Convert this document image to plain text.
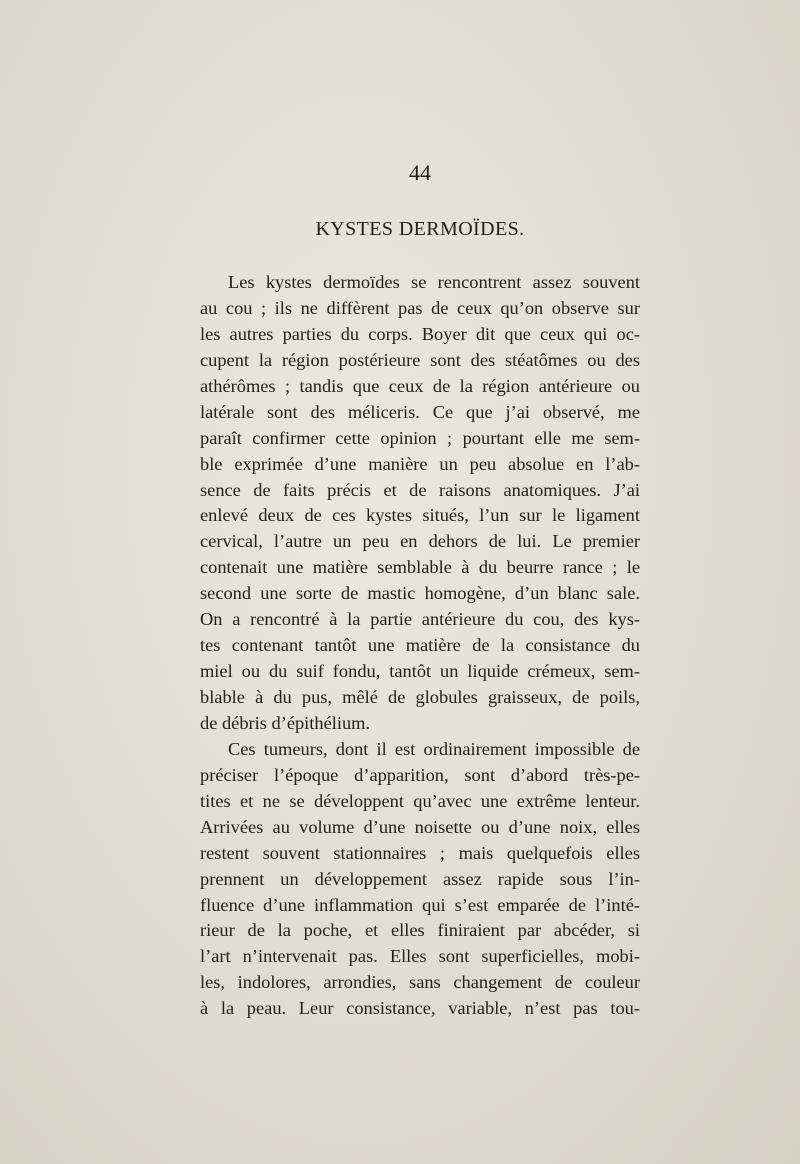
44
KYSTES DERMOÏDES.
Les kystes dermoïdes se rencontrent assez souvent
au cou ; ils ne diffèrent pas de ceux qu’on observe sur
les autres parties du corps. Boyer dit que ceux qui oc-
cupent la région postérieure sont des stéatômes ou des
athérômes ; tandis que ceux de la région antérieure ou
latérale sont des méliceris. Ce que j’ai observé, me
paraît confirmer cette opinion ; pourtant elle me sem-
ble exprimée d’une manière un peu absolue en l’ab-
sence de faits précis et de raisons anatomiques. J’ai
enlevé deux de ces kystes situés, l’un sur le ligament
cervical, l’autre un peu en dehors de lui. Le premier
contenait une matière semblable à du beurre rance ; le
second une sorte de mastic homogène, d’un blanc sale.
On a rencontré à la partie antérieure du cou, des kys-
tes contenant tantôt une matière de la consistance du
miel ou du suif fondu, tantôt un liquide crémeux, sem-
blable à du pus, mêlé de globules graisseux, de poils,
de débris d’épithélium.
Ces tumeurs, dont il est ordinairement impossible de
préciser l’époque d’apparition, sont d’abord très-pe-
tites et ne se développent qu’avec une extrême lenteur.
Arrivées au volume d’une noisette ou d’une noix, elles
restent souvent stationnaires ; mais quelquefois elles
prennent un développement assez rapide sous l’in-
fluence d’une inflammation qui s’est emparée de l’inté-
rieur de la poche, et elles finiraient par abcéder, si
l’art n’intervenait pas. Elles sont superficielles, mobi-
les, indolores, arrondies, sans changement de couleur
à la peau. Leur consistance, variable, n’est pas tou-
